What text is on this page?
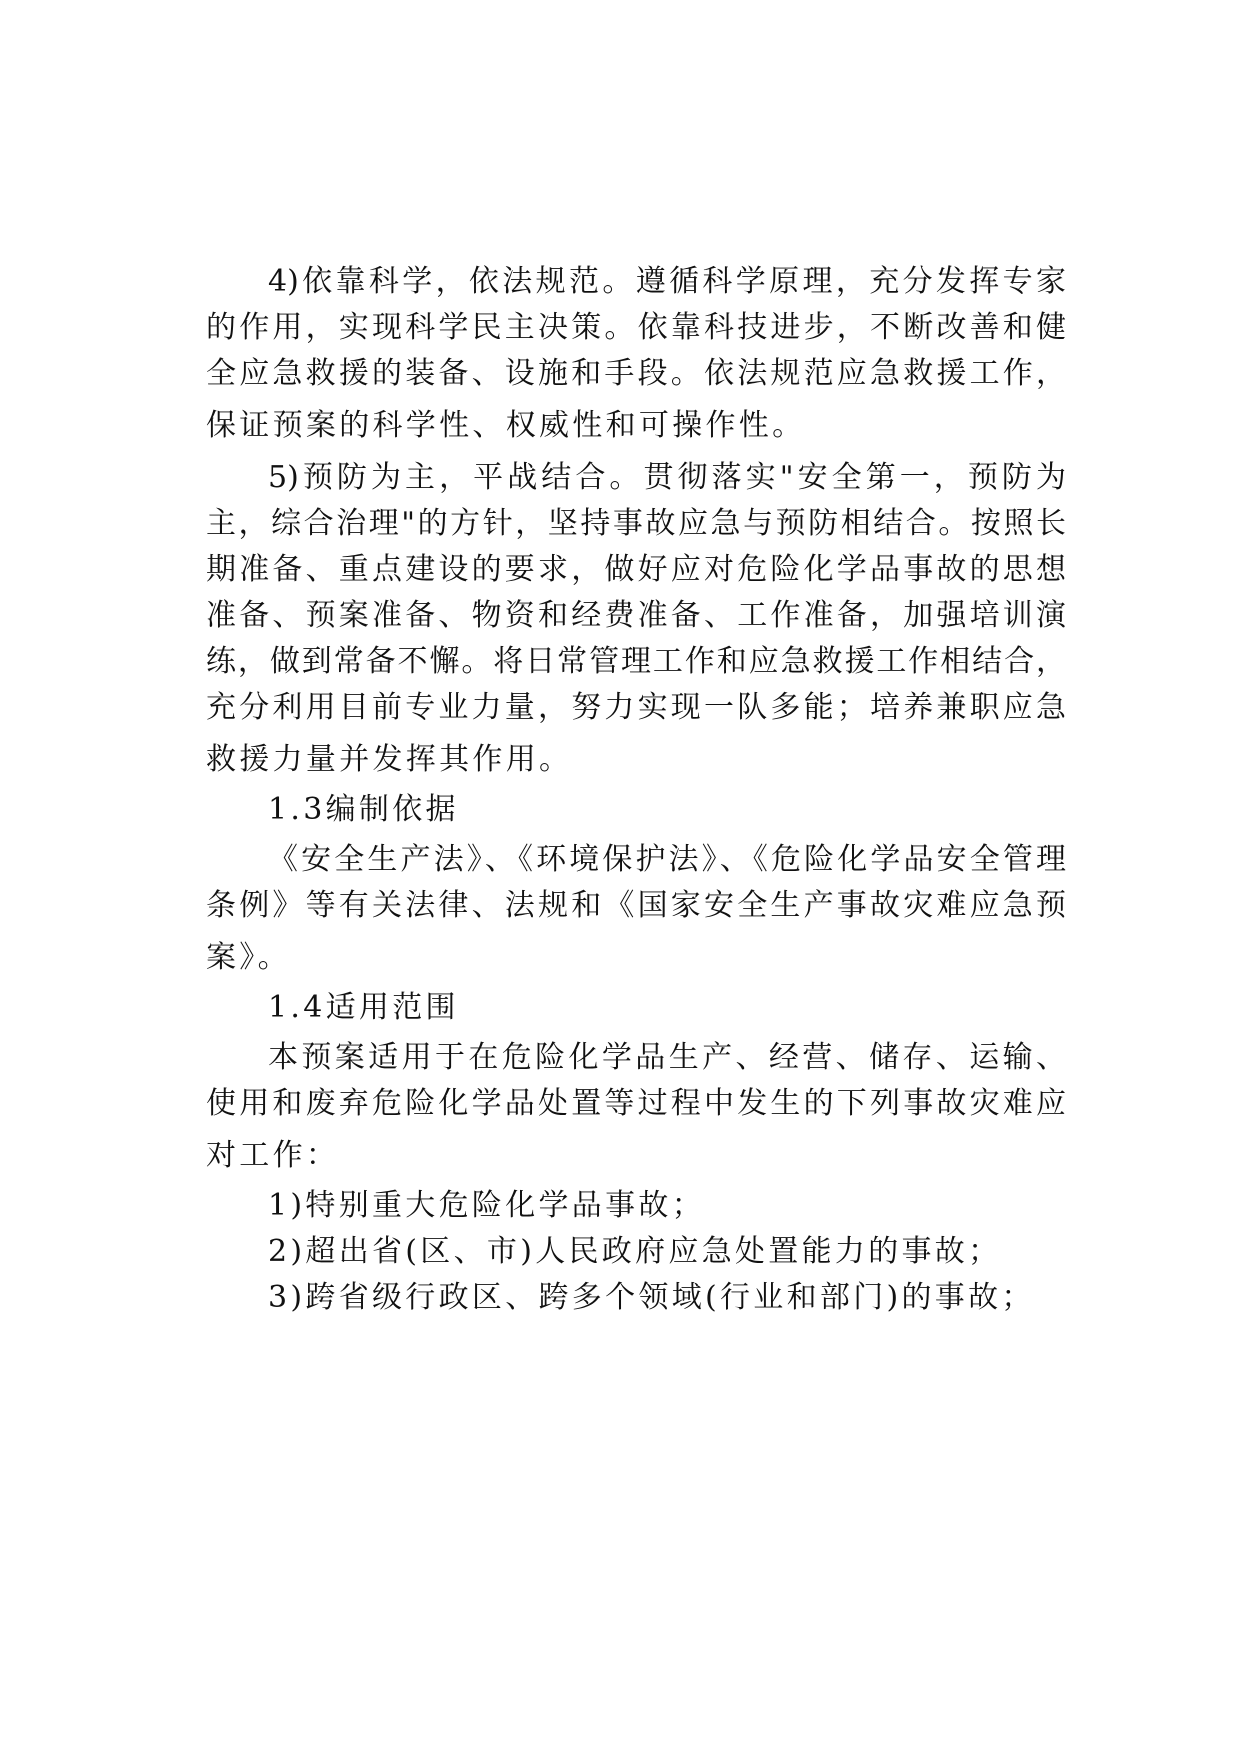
4)依靠科学，依法规范。遵循科学原理，充分发挥专家

的作用，实现科学民主决策。依靠科技进步，不断改善和健

全应急救援的装备、设施和手段。依法规范应急救援工作，

保证预案的科学性、权威性和可操作性。

5)预防为主，平战结合。贯彻落实"安全第一，预防为

主，综合治理"的方针，坚持事故应急与预防相结合。按照长

期准备、重点建设的要求，做好应对危险化学品事故的思想

准备、预案准备、物资和经费准备、工作准备，加强培训演

练，做到常备不懈。将日常管理工作和应急救援工作相结合，

充分利用目前专业力量，努力实现一队多能；培养兼职应急

救援力量并发挥其作用。

1.3编制依据

《安全生产法》、《环境保护法》、《危险化学品安全管理

条例》等有关法律、法规和《国家安全生产事故灾难应急预

案》。

1.4适用范围

本预案适用于在危险化学品生产、经营、储存、运输、

使用和废弃危险化学品处置等过程中发生的下列事故灾难应

对工作：

1)特别重大危险化学品事故；

2)超出省(区、市)人民政府应急处置能力的事故；

3)跨省级行政区、跨多个领域(行业和部门)的事故；
